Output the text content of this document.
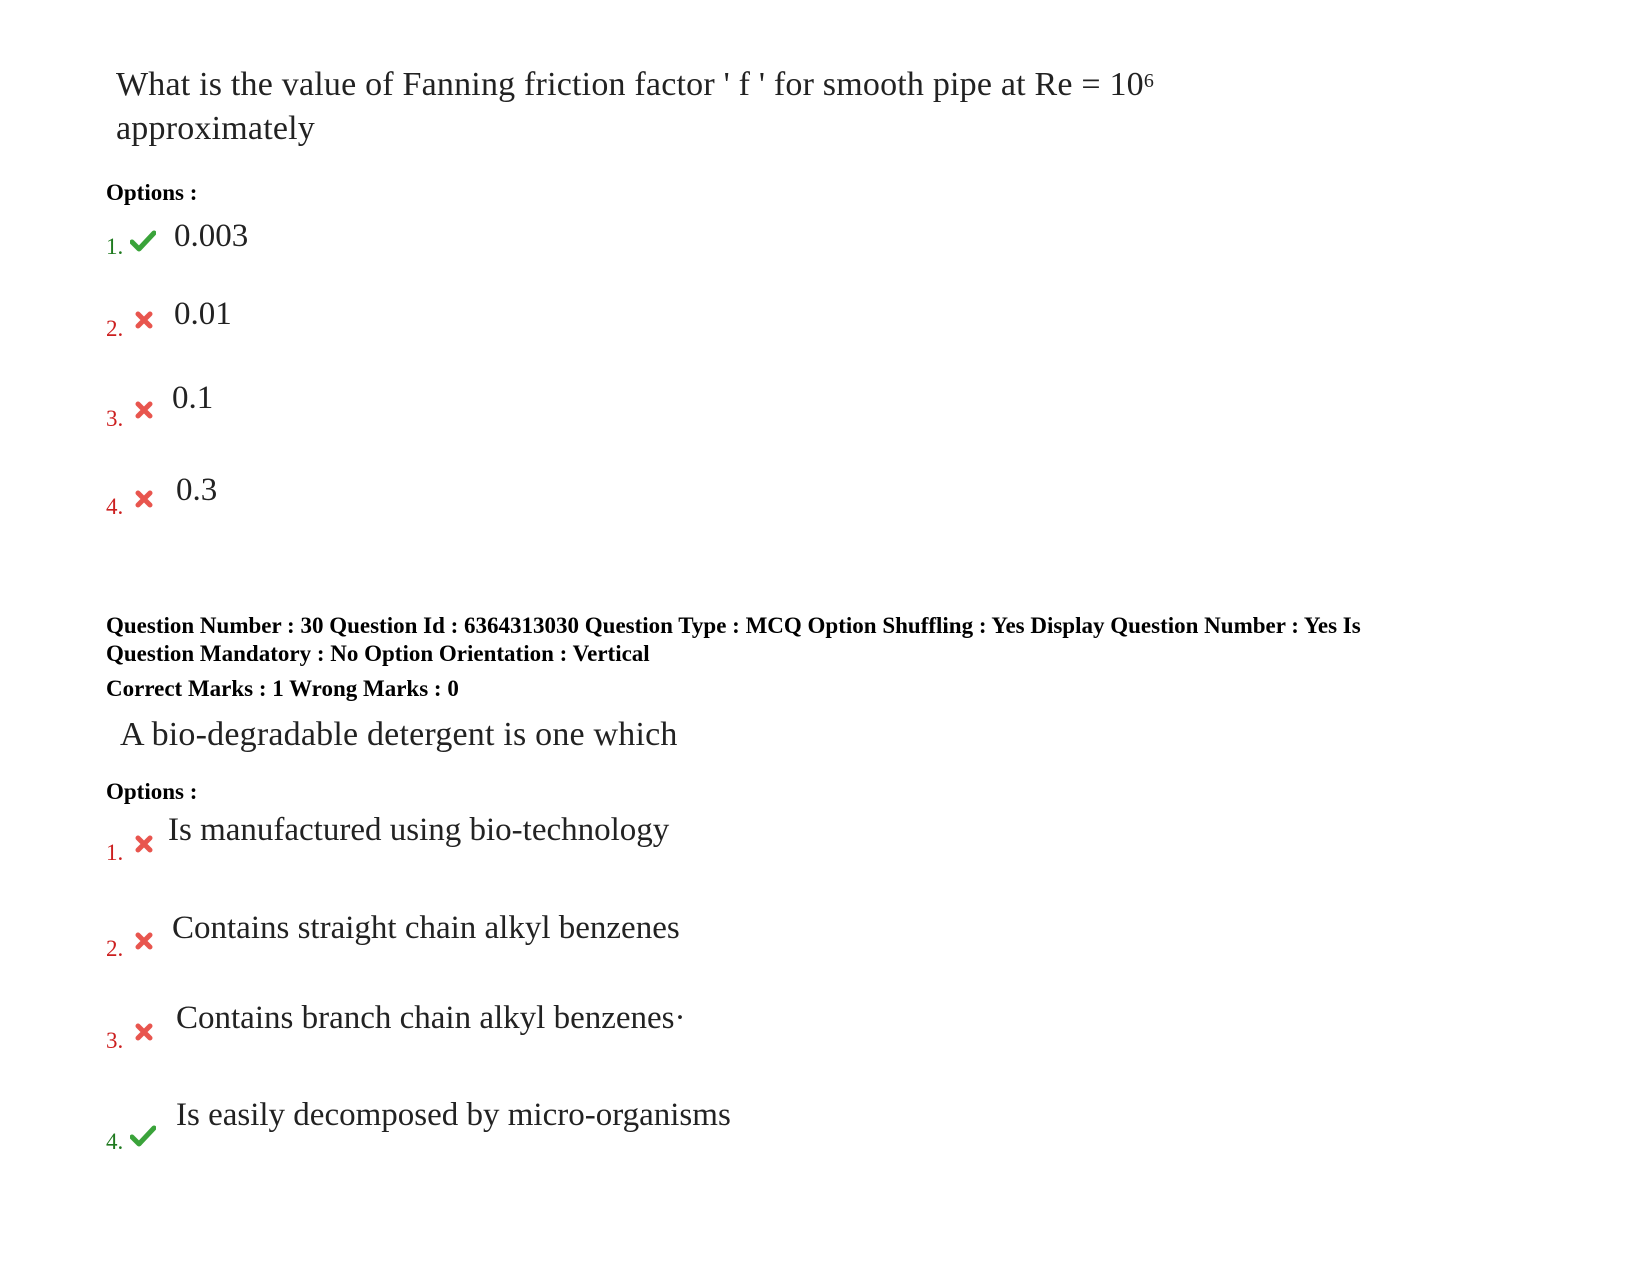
What is the value of Fanning friction factor ' f ' for smooth pipe at $Re = 10^6$
approximately
Options :
1. 0.003
2. 0.01
3.
0.1
4. 0.3
Question Number : 30 Question Id : 6364313030 Question Type : MCQ Option Shuffling : Yes Display Question Number : Yes Is
Question Mandatory : No Option Orientation : Vertical
Correct Marks : 1 Wrong Marks : 0
A bio-degradable detergent is one which
Options :
1.
Is manufactured using bio-technology
2.
Contains straight chain alkyl benzenes
3.
Contains branch chain alkyl benzenes·
4.
Is easily decomposed by micro-organisms
